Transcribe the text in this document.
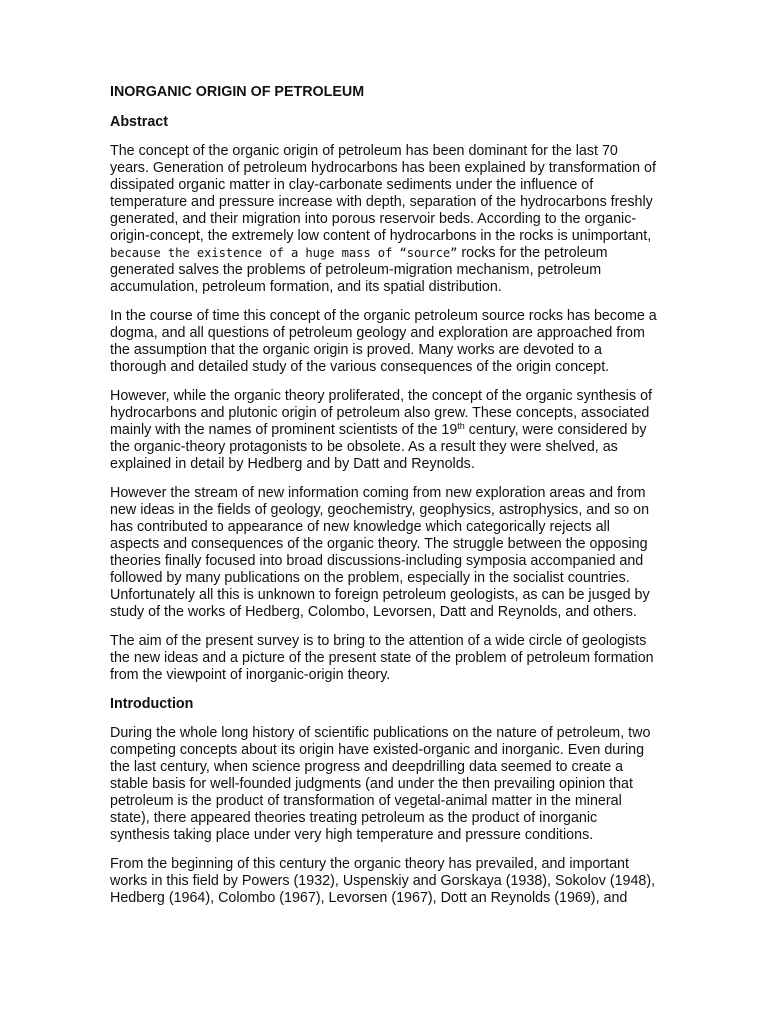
INORGANIC ORIGIN OF PETROLEUM
Abstract

The concept of the organic origin of petroleum has been dominant for the last 70 years. Generation of petroleum hydrocarbons has been explained by transformation of dissipated organic matter in clay-carbonate sediments under the influence of temperature and pressure increase with depth, separation of the hydrocarbons freshly generated, and their migration into porous reservoir beds. According to the organic-origin-concept, the extremely low content of hydrocarbons in the rocks is unimportant,
because the existence of a huge mass of “source” rocks for the petroleum generated salves the problems of petroleum-migration mechanism, petroleum accumulation, petroleum formation, and its spatial distribution.

In the course of time this concept of the organic petroleum source rocks has become a dogma, and all questions of petroleum geology and exploration are approached from the assumption that the organic origin is proved. Many works are devoted to a thorough and detailed study of the various consequences of the origin concept.

However, while the organic theory proliferated, the concept of the organic synthesis of hydrocarbons and plutonic origin of petroleum also grew. These concepts, associated mainly with the names of prominent scientists of the 19th century, were considered by the organic-theory protagonists to be obsolete. As a result they were shelved, as explained in detail by Hedberg and by Datt and Reynolds.

However the stream of new information coming from new exploration areas and from new ideas in the fields of geology, geochemistry, geophysics, astrophysics, and so on has contributed to appearance of new knowledge which categorically rejects all aspects and consequences of the organic theory. The struggle between the opposing theories finally focused into broad discussions-including symposia accompanied and followed by many publications on the problem, especially in the socialist countries. Unfortunately all this is unknown to foreign petroleum geologists, as can be jusged by study of the works of Hedberg, Colombo, Levorsen, Datt and Reynolds, and others.

The aim of the present survey is to bring to the attention of a wide circle of geologists the new ideas and a picture of the present state of the problem of petroleum formation from the viewpoint of inorganic-origin theory.

Introduction

During the whole long history of scientific publications on the nature of petroleum, two competing concepts about its origin have existed-organic and inorganic. Even during the last century, when science progress and deepdrilling data seemed to create a stable basis for well-founded judgments (and under the then prevailing opinion that petroleum is the product of transformation of vegetal-animal matter in the mineral state), there appeared theories treating petroleum as the product of inorganic synthesis taking place under very high temperature and pressure conditions.

From the beginning of this century the organic theory has prevailed, and important works in this field by Powers (1932), Uspenskiy and Gorskaya (1938), Sokolov (1948), Hedberg (1964), Colombo (1967), Levorsen (1967), Dott an Reynolds (1969), and
